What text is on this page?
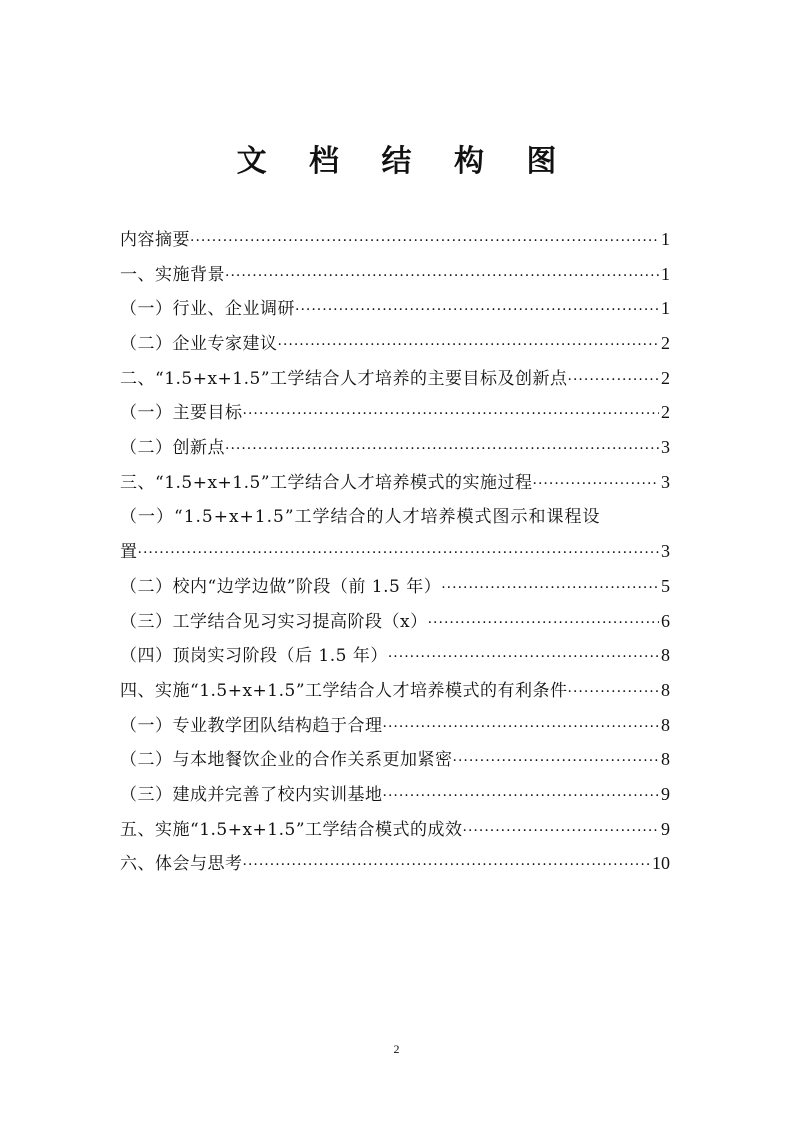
文 档 结 构 图
内容摘要 ·····	1
一、实施背景 ·····	1
（一）行业、企业调研 ·····	1
（二）企业专家建议 ·····	2
二、“1.5+x+1.5”工学结合人才培养的主要目标及创新点 ·····	2
（一）主要目标 ·····	2
（二）创新点 ·····	3
三、“1.5+x+1.5”工学结合人才培养模式的实施过程 ·····	3
（一）“1.5+x+1.5”工学结合的人才培养模式图示和课程设
置 ·····	3
（二）校内“边学边做”阶段（前 1.5 年） ·····	5
（三）工学结合见习实习提高阶段（x） ·····	6
（四）顶岗实习阶段（后 1.5 年） ·····	8
四、实施“1.5+x+1.5”工学结合人才培养模式的有利条件 ·····	8
（一）专业教学团队结构趋于合理 ·····	8
（二）与本地餐饮企业的合作关系更加紧密 ·····	8
（三）建成并完善了校内实训基地 ·····	9
五、实施“1.5+x+1.5”工学结合模式的成效 ·····	9
六、体会与思考 ·····	10
2
